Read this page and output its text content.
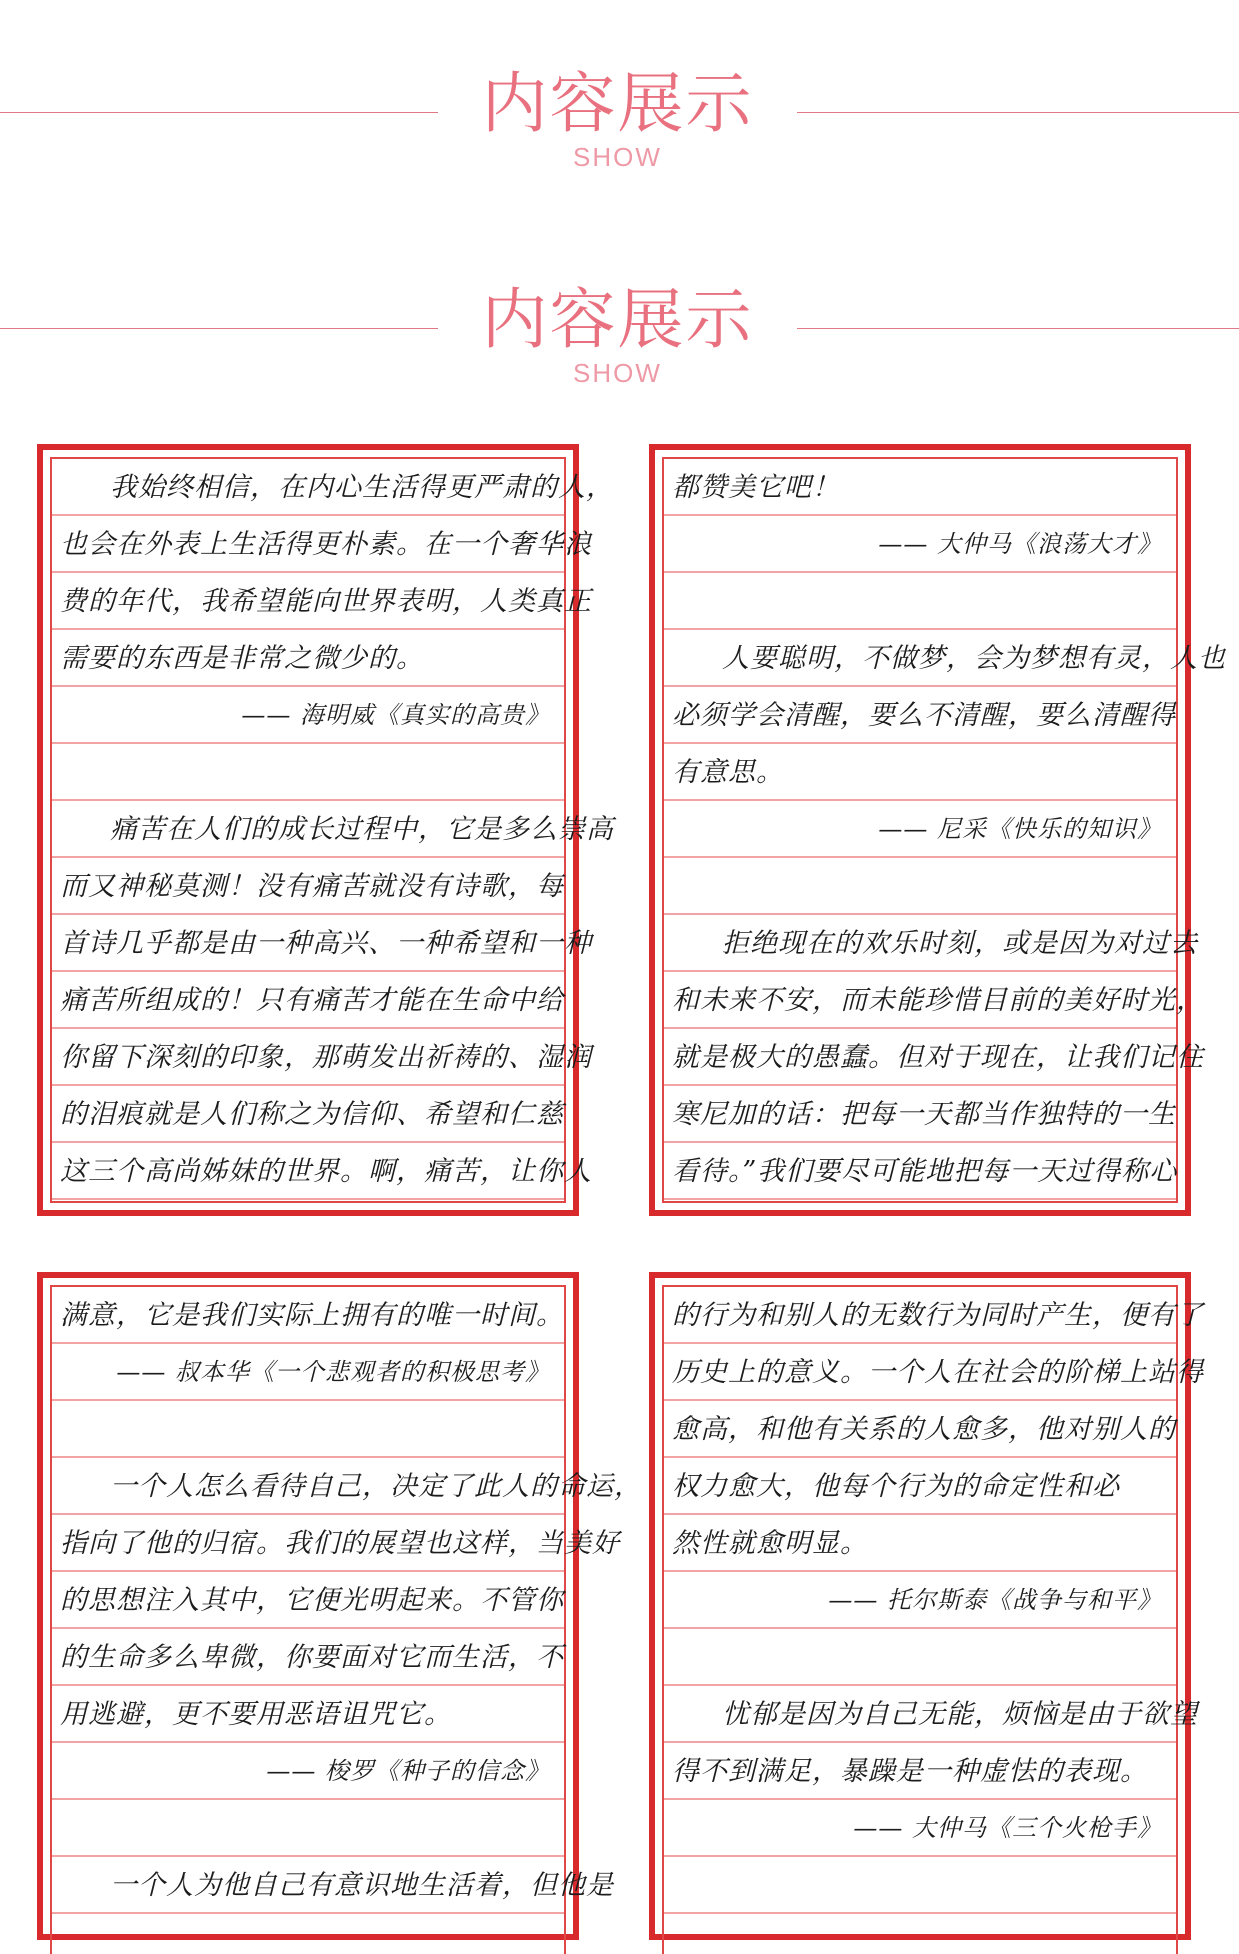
内容展示
SHOW
内容展示
SHOW
我始终相信，在内心生活得更严肃的人，
也会在外表上生活得更朴素。在一个奢华浪
费的年代，我希望能向世界表明，人类真正
需要的东西是非常之微少的。
—— 海明威《真实的高贵》
痛苦在人们的成长过程中，它是多么崇高
而又神秘莫测！没有痛苦就没有诗歌，每
首诗几乎都是由一种高兴、一种希望和一种
痛苦所组成的！只有痛苦才能在生命中给
你留下深刻的印象，那萌发出祈祷的、湿润
的泪痕就是人们称之为信仰、希望和仁慈
这三个高尚姊妹的世界。啊，痛苦，让你人
都赞美它吧！
—— 大仲马《浪荡大才》
人要聪明，不做梦，会为梦想有灵，人也
必须学会清醒，要么不清醒，要么清醒得
有意思。
—— 尼采《快乐的知识》
拒绝现在的欢乐时刻，或是因为对过去
和未来不安，而未能珍惜目前的美好时光，
就是极大的愚蠢。但对于现在，让我们记住
寒尼加的话：把每一天都当作独特的一生
看待。”我们要尽可能地把每一天过得称心
满意，它是我们实际上拥有的唯一时间。
—— 叔本华《一个悲观者的积极思考》
一个人怎么看待自己，决定了此人的命运，
指向了他的归宿。我们的展望也这样，当美好
的思想注入其中，它便光明起来。不管你
的生命多么卑微，你要面对它而生活，不
用逃避，更不要用恶语诅咒它。
—— 梭罗《种子的信念》
一个人为他自己有意识地生活着，但他是
的行为和别人的无数行为同时产生，便有了
历史上的意义。一个人在社会的阶梯上站得
愈高，和他有关系的人愈多，他对别人的
权力愈大，他每个行为的命定性和必
然性就愈明显。
—— 托尔斯泰《战争与和平》
忧郁是因为自己无能，烦恼是由于欲望
得不到满足，暴躁是一种虚怯的表现。
—— 大仲马《三个火枪手》
